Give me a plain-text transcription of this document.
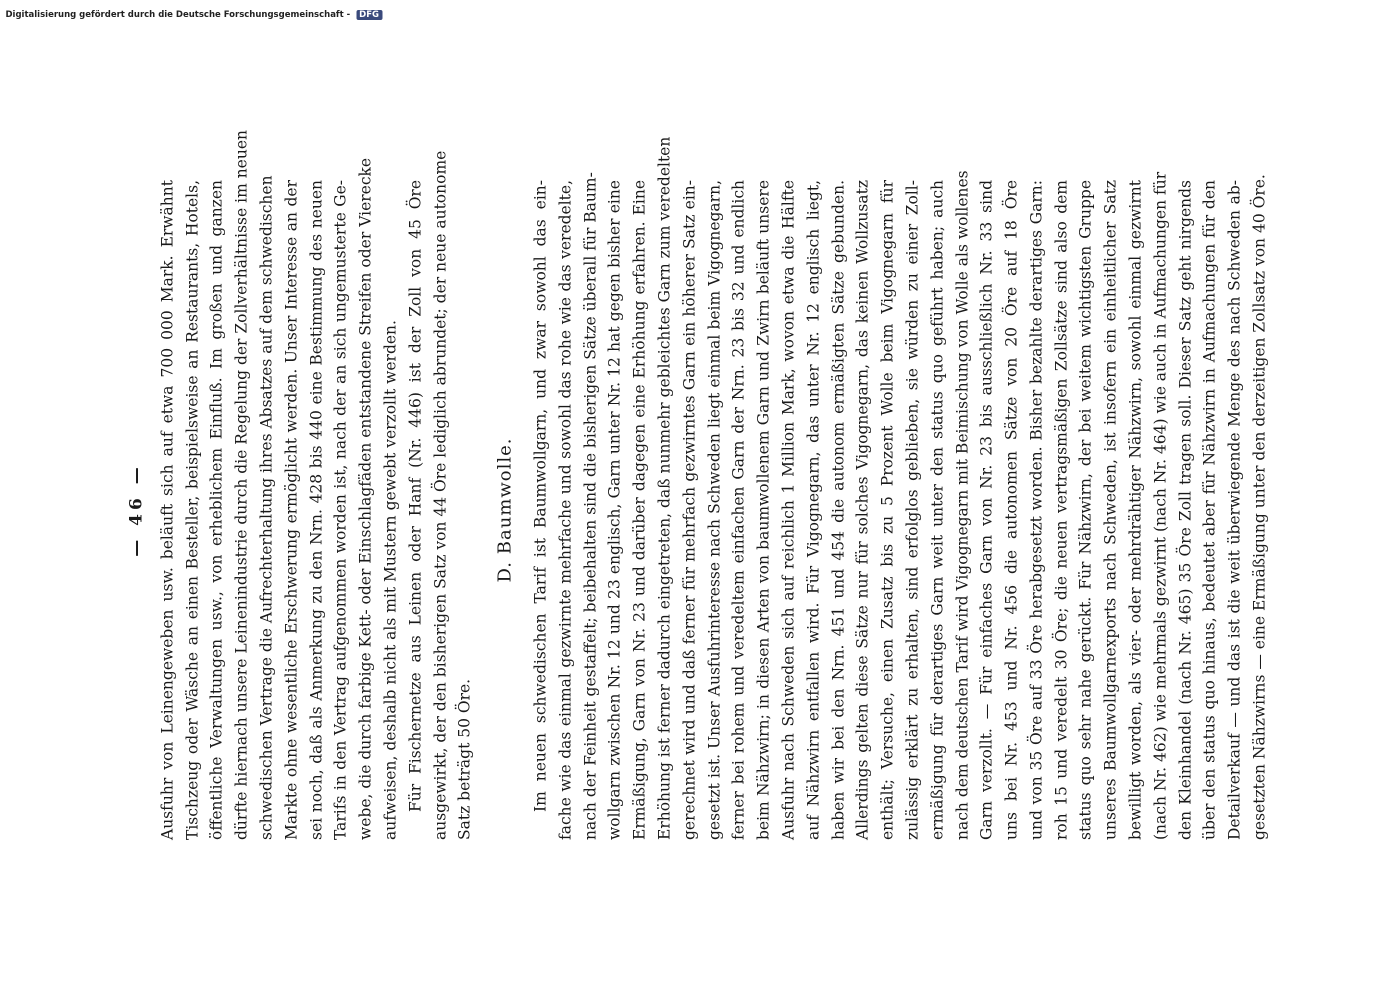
— 46 — Ausfuhr von Leinengeweben usw. beläuft sich auf etwa 700 000 Mark. Erwähnt Tischzeug oder Wäsche an einen Besteller, beispielsweise an Restaurants, Hotels, öffentliche Verwaltungen usw., von erheblichem Einfluß. Im großen und ganzen dürfte hiernach unsere Leinenindustrie durch die Regelung der Zollverhältnisse im neuen schwedischen Vertrage die Aufrechterhaltung ihres Absatzes auf dem schwedischen Markte ohne wesentliche Erschwerung ermöglicht werden. Unser Interesse an der sei noch, daß als Anmerkung zu den Nrn. 428 bis 440 eine Bestimmung des neuen Tarifs in den Vertrag aufgenommen worden ist, nach der an sich ungemusterte Ge- webe, die durch farbige Kett- oder Einschlagfäden entstandene Streifen oder Vierecke aufweisen, deshalb nicht als mit Mustern gewebt verzollt werden. Für Fischernetze aus Leinen oder Hanf (Nr. 446) ist der Zoll von 45 Öre ausgewirkt, der den bisherigen Satz von 44 Öre lediglich abrundet; der neue autonome Satz beträgt 50 Öre.

D. Baumwolle. Im neuen schwedischen Tarif ist Baumwollgarn, und zwar sowohl das ein- fache wie das einmal gezwirnte mehrfache und sowohl das rohe wie das veredelte, nach der Feinheit gestaffelt; beibehalten sind die bisherigen Sätze überall für Baum- wollgarn zwischen Nr. 12 und 23 englisch, Garn unter Nr. 12 hat gegen bisher eine Ermäßigung, Garn von Nr. 23 und darüber dagegen eine Erhöhung erfahren. Eine Erhöhung ist ferner dadurch eingetreten, daß nunmehr gebleichtes Garn zum veredelten gerechnet wird und daß ferner für mehrfach gezwirntes Garn ein höherer Satz ein- gesetzt ist. Unser Ausfuhrinteresse nach Schweden liegt einmal beim Vigognegarn, ferner bei rohem und veredeltem einfachen Garn der Nrn. 23 bis 32 und endlich beim Nähzwirn; in diesen Arten von baumwollenem Garn und Zwirn beläuft unsere Ausfuhr nach Schweden sich auf reichlich 1 Million Mark, wovon etwa die Hälfte auf Nähzwirn entfallen wird. Für Vigognegarn, das unter Nr. 12 englisch liegt, haben wir bei den Nrn. 451 und 454 die autonom ermäßigten Sätze gebunden. Allerdings gelten diese Sätze nur für solches Vigognegarn, das keinen Wollzusatz enthält; Versuche, einen Zusatz bis zu 5 Prozent Wolle beim Vigognegarn für zulässig erklärt zu erhalten, sind erfolglos geblieben, sie würden zu einer Zoll- ermäßigung für derartiges Garn weit unter den status quo geführt haben; auch nach dem deutschen Tarif wird Vigognegarn mit Beimischung von Wolle als wollenes Garn verzollt. — Für einfaches Garn von Nr. 23 bis ausschließlich Nr. 33 sind uns bei Nr. 453 und Nr. 456 die autonomen Sätze von 20 Öre auf 18 Öre und von 35 Öre auf 33 Öre herabgesetzt worden. Bisher bezahlte derartiges Garn: roh 15 und veredelt 30 Öre; die neuen vertragsmäßigen Zollsätze sind also dem status quo sehr nahe gerückt. Für Nähzwirn, der bei weitem wichtigsten Gruppe unseres Baumwollgarnexports nach Schweden, ist insofern ein einheitlicher Satz bewilligt worden, als vier- oder mehrdrähtiger Nähzwirn, sowohl einmal gezwirnt (nach Nr. 462) wie mehrmals gezwirnt (nach Nr. 464) wie auch in Aufmachungen für den Kleinhandel (nach Nr. 465) 35 Öre Zoll tragen soll. Dieser Satz geht nirgends über den status quo hinaus, bedeutet aber für Nähzwirn in Aufmachungen für den Detailverkauf — und das ist die weit überwiegende Menge des nach Schweden ab- gesetzten Nähzwirns — eine Ermäßigung unter den derzeitigen Zollsatz von 40 Öre.

Digitalisierung gefördert durch die Deutsche Forschungsgemeinschaft - DFG
